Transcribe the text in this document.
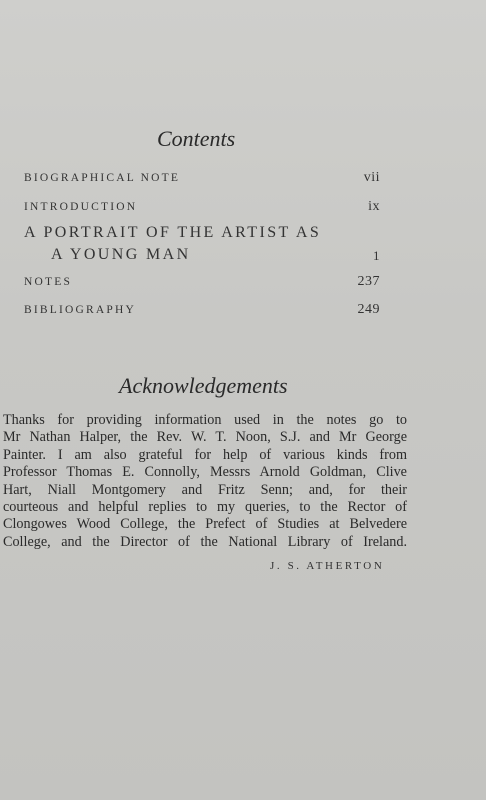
Contents
BIOGRAPHICAL NOTE	vii
INTRODUCTION	ix
A PORTRAIT OF THE ARTIST AS
A YOUNG MAN	1
NOTES	237
BIBLIOGRAPHY	249
Acknowledgements
Thanks for providing information used in the notes go to
Mr Nathan Halper, the Rev. W. T. Noon, S.J. and Mr George
Painter. I am also grateful for help of various kinds from
Professor Thomas E. Connolly, Messrs Arnold Goldman, Clive
Hart, Niall Montgomery and Fritz Senn; and, for their
courteous and helpful replies to my queries, to the Rector of
Clongowes Wood College, the Prefect of Studies at Belvedere
College, and the Director of the National Library of Ireland.
J. S. ATHERTON
